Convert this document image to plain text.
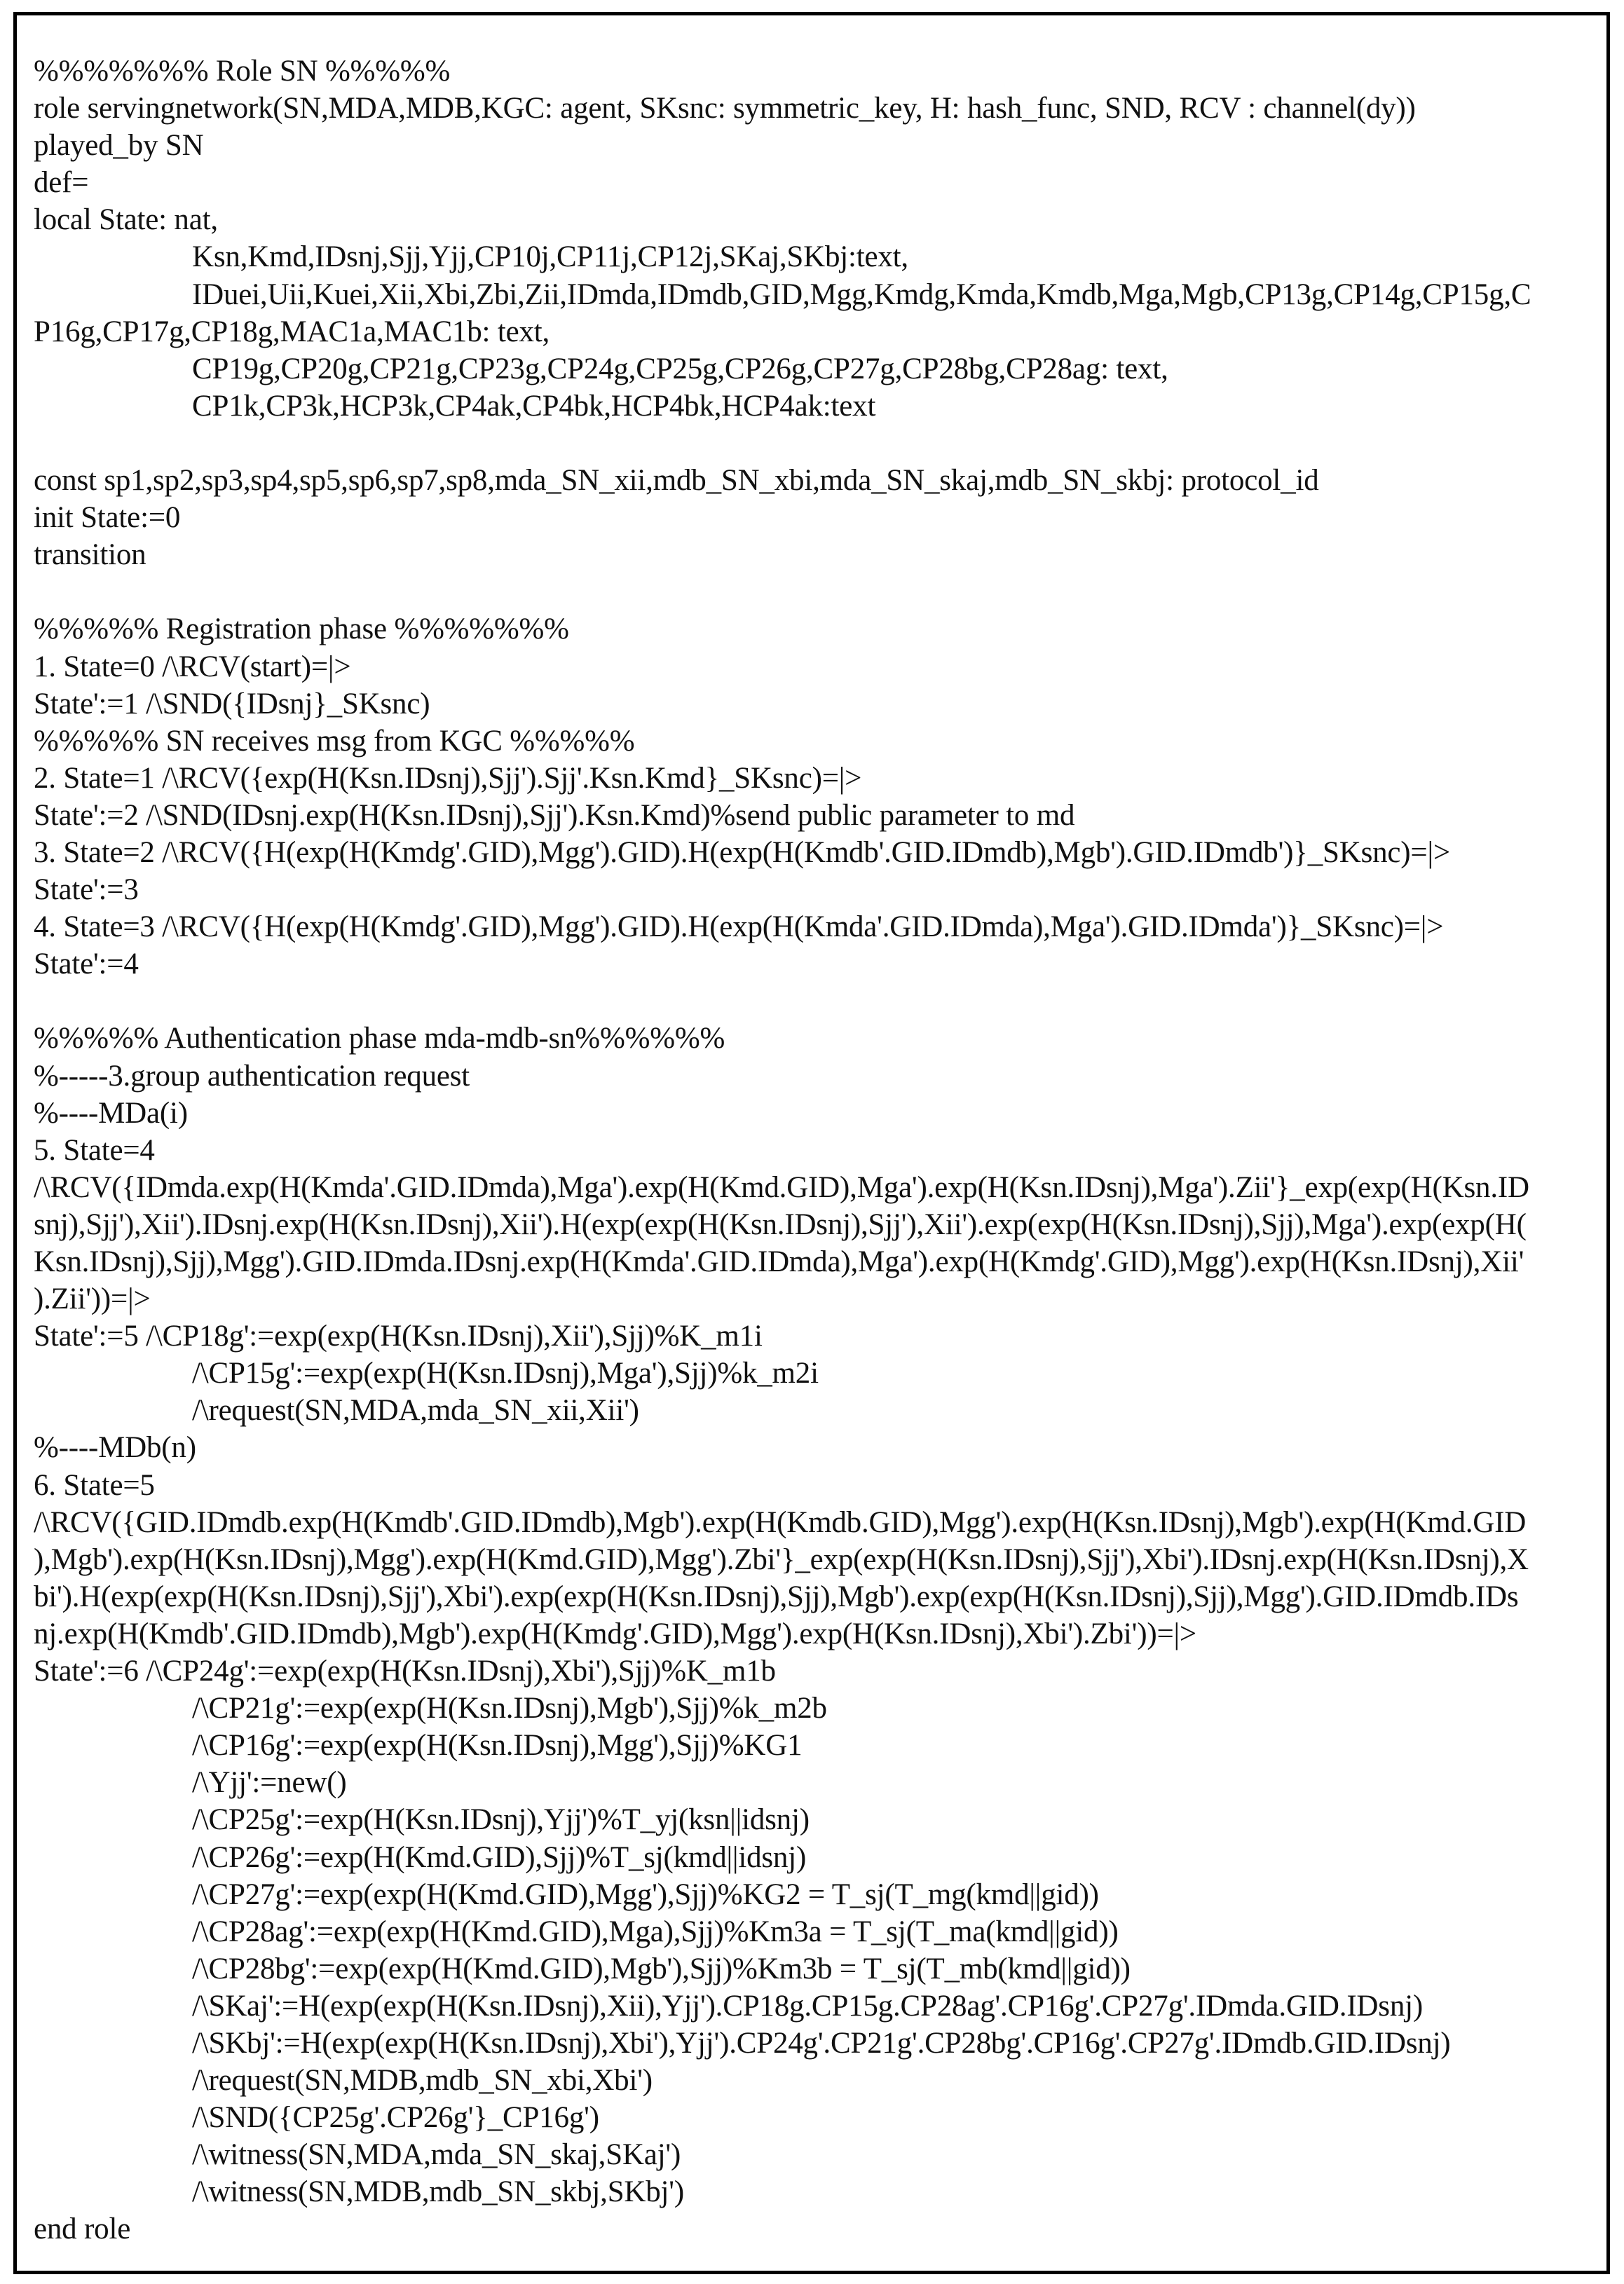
%%%%%%% Role SN %%%%%
role servingnetwork(SN,MDA,MDB,KGC: agent, SKsnc: symmetric_key, H: hash_func, SND, RCV : channel(dy))
played_by SN
def=
local State: nat,
Ksn,Kmd,IDsnj,Sjj,Yjj,CP10j,CP11j,CP12j,SKaj,SKbj:text,
IDuei,Uii,Kuei,Xii,Xbi,Zbi,Zii,IDmda,IDmdb,GID,Mgg,Kmdg,Kmda,Kmdb,Mga,Mgb,CP13g,CP14g,CP15g,C
P16g,CP17g,CP18g,MAC1a,MAC1b: text,
CP19g,CP20g,CP21g,CP23g,CP24g,CP25g,CP26g,CP27g,CP28bg,CP28ag: text,
CP1k,CP3k,HCP3k,CP4ak,CP4bk,HCP4bk,HCP4ak:text

const sp1,sp2,sp3,sp4,sp5,sp6,sp7,sp8,mda_SN_xii,mdb_SN_xbi,mda_SN_skaj,mdb_SN_skbj: protocol_id
init State:=0
transition

%%%%% Registration phase %%%%%%%
1. State=0 /\RCV(start)=|>
State':=1 /\SND({IDsnj}_SKsnc)
%%%%% SN receives msg from KGC %%%%%
2. State=1 /\RCV({exp(H(Ksn.IDsnj),Sjj').Sjj'.Ksn.Kmd}_SKsnc)=|>
State':=2 /\SND(IDsnj.exp(H(Ksn.IDsnj),Sjj').Ksn.Kmd)%send public parameter to md
3. State=2 /\RCV({H(exp(H(Kmdg'.GID),Mgg').GID).H(exp(H(Kmdb'.GID.IDmdb),Mgb').GID.IDmdb')}_SKsnc)=|>
State':=3
4. State=3 /\RCV({H(exp(H(Kmdg'.GID),Mgg').GID).H(exp(H(Kmda'.GID.IDmda),Mga').GID.IDmda')}_SKsnc)=|>
State':=4

%%%%% Authentication phase mda-mdb-sn%%%%%%
%-----3.group authentication request
%----MDa(i)
5. State=4
/\RCV({IDmda.exp(H(Kmda'.GID.IDmda),Mga').exp(H(Kmd.GID),Mga').exp(H(Ksn.IDsnj),Mga').Zii'}_exp(exp(H(Ksn.ID
snj),Sjj'),Xii').IDsnj.exp(H(Ksn.IDsnj),Xii').H(exp(exp(H(Ksn.IDsnj),Sjj'),Xii').exp(exp(H(Ksn.IDsnj),Sjj),Mga').exp(exp(H(
Ksn.IDsnj),Sjj),Mgg').GID.IDmda.IDsnj.exp(H(Kmda'.GID.IDmda),Mga').exp(H(Kmdg'.GID),Mgg').exp(H(Ksn.IDsnj),Xii'
).Zii'))=|>
State':=5 /\CP18g':=exp(exp(H(Ksn.IDsnj),Xii'),Sjj)%K_m1i
/\CP15g':=exp(exp(H(Ksn.IDsnj),Mga'),Sjj)%k_m2i
/\request(SN,MDA,mda_SN_xii,Xii')
%----MDb(n)
6. State=5
/\RCV({GID.IDmdb.exp(H(Kmdb'.GID.IDmdb),Mgb').exp(H(Kmdb.GID),Mgg').exp(H(Ksn.IDsnj),Mgb').exp(H(Kmd.GID
),Mgb').exp(H(Ksn.IDsnj),Mgg').exp(H(Kmd.GID),Mgg').Zbi'}_exp(exp(H(Ksn.IDsnj),Sjj'),Xbi').IDsnj.exp(H(Ksn.IDsnj),X
bi').H(exp(exp(H(Ksn.IDsnj),Sjj'),Xbi').exp(exp(H(Ksn.IDsnj),Sjj),Mgb').exp(exp(H(Ksn.IDsnj),Sjj),Mgg').GID.IDmdb.IDs
nj.exp(H(Kmdb'.GID.IDmdb),Mgb').exp(H(Kmdg'.GID),Mgg').exp(H(Ksn.IDsnj),Xbi').Zbi'))=|>
State':=6 /\CP24g':=exp(exp(H(Ksn.IDsnj),Xbi'),Sjj)%K_m1b
/\CP21g':=exp(exp(H(Ksn.IDsnj),Mgb'),Sjj)%k_m2b
/\CP16g':=exp(exp(H(Ksn.IDsnj),Mgg'),Sjj)%KG1
/\Yjj':=new()
/\CP25g':=exp(H(Ksn.IDsnj),Yjj')%T_yj(ksn||idsnj)
/\CP26g':=exp(H(Kmd.GID),Sjj)%T_sj(kmd||idsnj)
/\CP27g':=exp(exp(H(Kmd.GID),Mgg'),Sjj)%KG2 = T_sj(T_mg(kmd||gid))
/\CP28ag':=exp(exp(H(Kmd.GID),Mga),Sjj)%Km3a = T_sj(T_ma(kmd||gid))
/\CP28bg':=exp(exp(H(Kmd.GID),Mgb'),Sjj)%Km3b = T_sj(T_mb(kmd||gid))
/\SKaj':=H(exp(exp(H(Ksn.IDsnj),Xii),Yjj').CP18g.CP15g.CP28ag'.CP16g'.CP27g'.IDmda.GID.IDsnj)
/\SKbj':=H(exp(exp(H(Ksn.IDsnj),Xbi'),Yjj').CP24g'.CP21g'.CP28bg'.CP16g'.CP27g'.IDmdb.GID.IDsnj)
/\request(SN,MDB,mdb_SN_xbi,Xbi')
/\SND({CP25g'.CP26g'}_CP16g')
/\witness(SN,MDA,mda_SN_skaj,SKaj')
/\witness(SN,MDB,mdb_SN_skbj,SKbj')
end role
